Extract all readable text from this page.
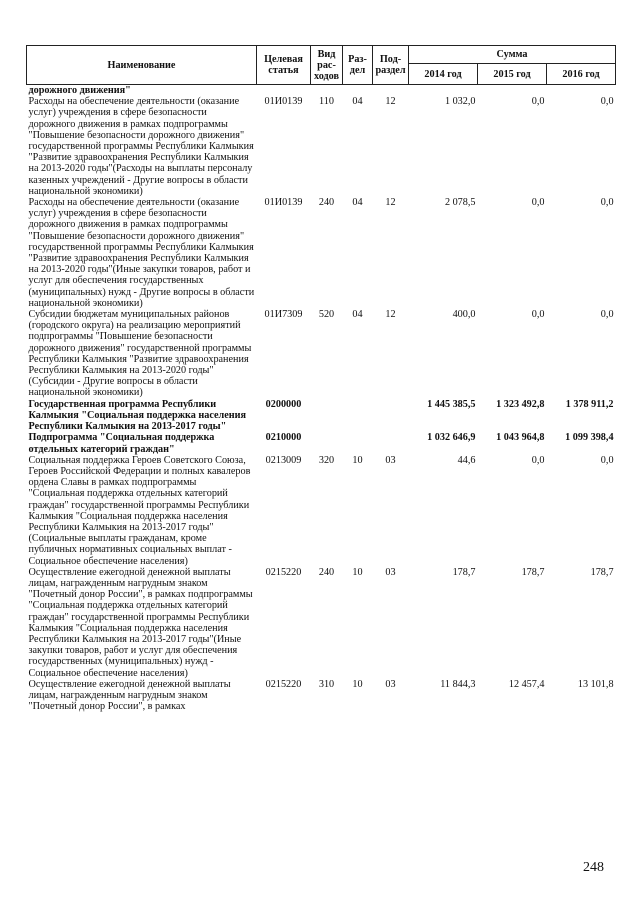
Наименование	Целевая статья	Вид рас-ходов	Раз-дел	Под-раздел	Сумма		
					2014 год	2015 год	2016 год
дорожного движения"							
Расходы на обеспечение деятельности (оказание услуг) учреждения в сфере безопасности дорожного движения в рамках подпрограммы "Повышение безопасности дорожного движения" государственной программы Республики Калмыкия "Развитие здравоохранения Республики Калмыкия на 2013-2020 годы"(Расходы на выплаты персоналу казенных учреждений - Другие вопросы в области национальной экономики)	01И0139	110	04	12	1 032,0	0,0	0,0
Расходы на обеспечение деятельности (оказание услуг) учреждения в сфере безопасности дорожного движения в рамках подпрограммы "Повышение безопасности дорожного движения" государственной программы Республики Калмыкия "Развитие здравоохранения Республики Калмыкия на 2013-2020 годы"(Иные закупки товаров, работ и услуг для обеспечения государственных (муниципальных) нужд - Другие вопросы в области национальной экономики)	01И0139	240	04	12	2 078,5	0,0	0,0
Субсидии бюджетам муниципальных районов (городского округа) на реализацию мероприятий подпрограммы "Повышение безопасности дорожного движения" государственной программы Республики Калмыкия "Развитие здравоохранения Республики Калмыкия на 2013-2020 годы"(Субсидии - Другие вопросы в области национальной экономики)	01И7309	520	04	12	400,0	0,0	0,0
Государственная программа Республики Калмыкия "Социальная поддержка населения Республики Калмыкия на 2013-2017 годы"	0200000				1 445 385,5	1 323 492,8	1 378 911,2
Подпрограмма "Социальная поддержка отдельных категорий граждан"	0210000				1 032 646,9	1 043 964,8	1 099 398,4
Социальная поддержка Героев Советского Союза, Героев Российской Федерации и полных кавалеров ордена Славы в рамках подпрограммы "Социальная поддержка отдельных категорий граждан" государственной программы Республики Калмыкия "Социальная поддержка населения Республики Калмыкия на 2013-2017 годы"(Социальные выплаты гражданам, кроме публичных нормативных социальных выплат - Социальное обеспечение населения)	0213009	320	10	03	44,6	0,0	0,0
Осуществление ежегодной денежной выплаты лицам, награжденным нагрудным знаком "Почетный донор России", в рамках подпрограммы "Социальная поддержка отдельных категорий граждан" государственной программы Республики Калмыкия "Социальная поддержка населения Республики Калмыкия на 2013-2017 годы"(Иные закупки товаров, работ и услуг для обеспечения государственных (муниципальных) нужд - Социальное обеспечение населения)	0215220	240	10	03	178,7	178,7	178,7
Осуществление ежегодной денежной выплаты лицам, награжденным нагрудным знаком "Почетный донор России", в рамках	0215220	310	10	03	11 844,3	12 457,4	13 101,8
248
